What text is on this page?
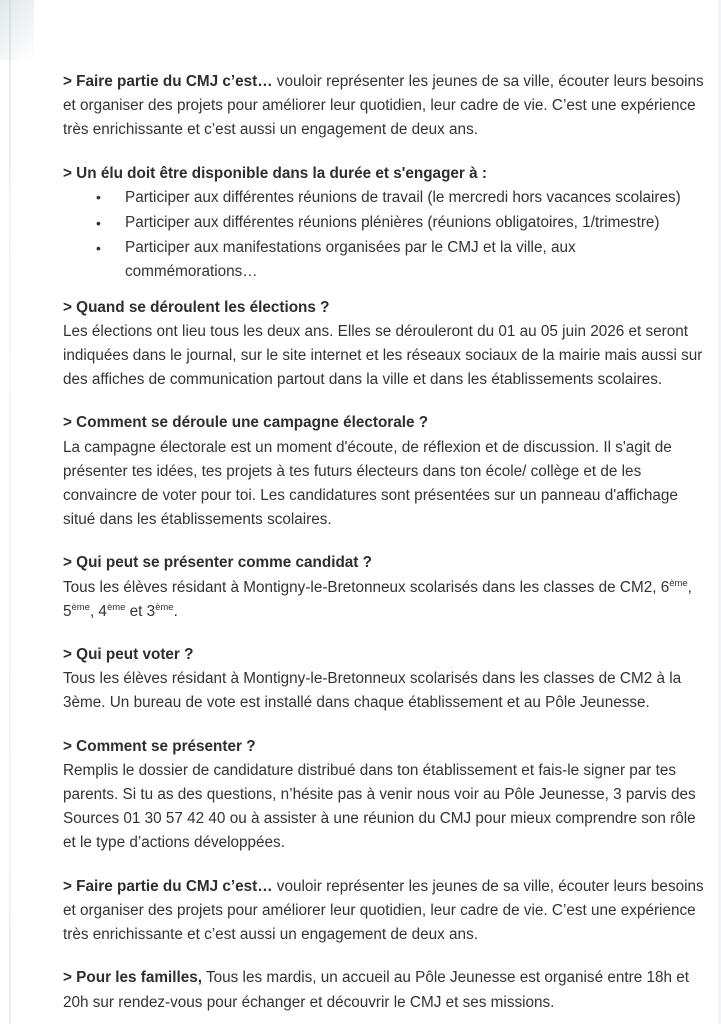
> Faire partie du CMJ c’est… vouloir représenter les jeunes de sa ville, écouter leurs besoins et organiser des projets pour améliorer leur quotidien, leur cadre de vie. C’est une expérience très enrichissante et c’est aussi un engagement de deux ans.

> Un élu doit être disponible dans la durée et s'engager à :

• Participer aux différentes réunions de travail (le mercredi hors vacances scolaires)
• Participer aux différentes réunions plénières (réunions obligatoires, 1/trimestre)
• Participer aux manifestations organisées par le CMJ et la ville, aux commémorations…

> Quand se déroulent les élections ?

Les élections ont lieu tous les deux ans. Elles se dérouleront du 01 au 05 juin 2026 et seront indiquées dans le journal, sur le site internet et les réseaux sociaux de la mairie mais aussi sur des affiches de communication partout dans la ville et dans les établissements scolaires.

> Comment se déroule une campagne électorale ?

La campagne électorale est un moment d'écoute, de réflexion et de discussion. Il s'agit de présenter tes idées, tes projets à tes futurs électeurs dans ton école/ collège et de les convaincre de voter pour toi. Les candidatures sont présentées sur un panneau d'affichage situé dans les établissements scolaires.

> Qui peut se présenter comme candidat ?

Tous les élèves résidant à Montigny-le-Bretonneux scolarisés dans les classes de CM2, 6ème, 5ème, 4ème et 3ème.

> Qui peut voter ?

Tous les élèves résidant à Montigny-le-Bretonneux scolarisés dans les classes de CM2 à la 3ème. Un bureau de vote est installé dans chaque établissement et au Pôle Jeunesse.

> Comment se présenter ?

Remplis le dossier de candidature distribué dans ton établissement et fais-le signer par tes parents. Si tu as des questions, n’hésite pas à venir nous voir au Pôle Jeunesse, 3 parvis des Sources 01 30 57 42 40 ou à assister à une réunion du CMJ pour mieux comprendre son rôle et le type d’actions développées.

> Faire partie du CMJ c’est… vouloir représenter les jeunes de sa ville, écouter leurs besoins et organiser des projets pour améliorer leur quotidien, leur cadre de vie. C’est une expérience très enrichissante et c’est aussi un engagement de deux ans.

> Pour les familles, Tous les mardis, un accueil au Pôle Jeunesse est organisé entre 18h et 20h sur rendez-vous pour échanger et découvrir le CMJ et ses missions.
